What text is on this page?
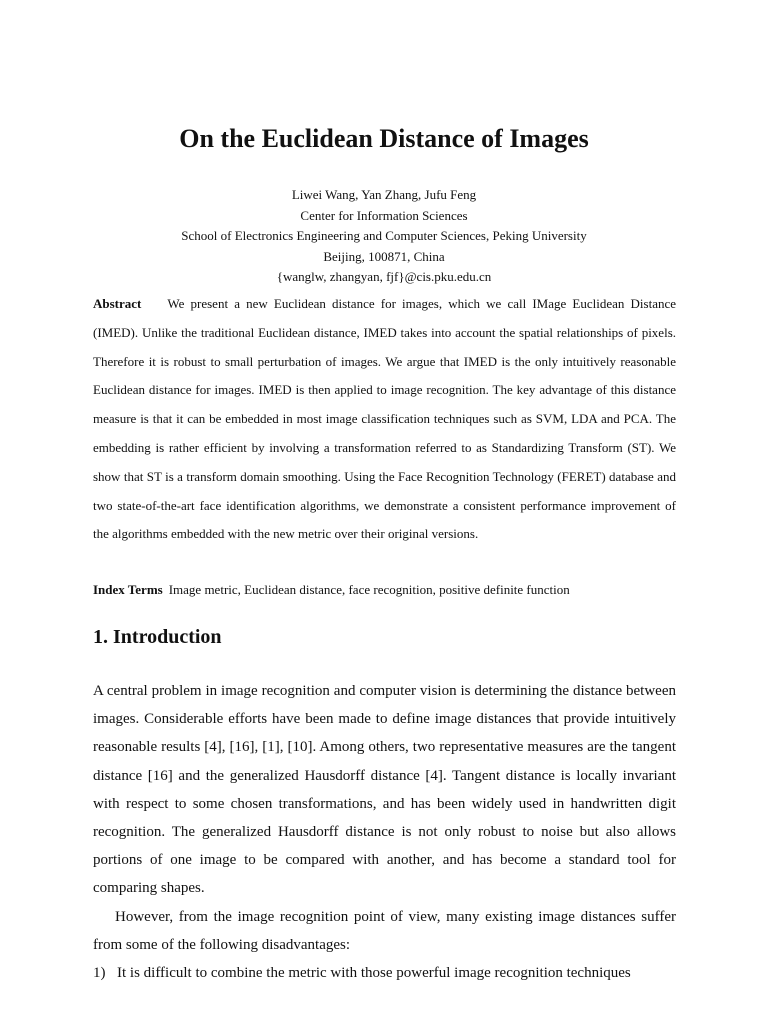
On the Euclidean Distance of Images
Liwei Wang, Yan Zhang, Jufu Feng
Center for Information Sciences
School of Electronics Engineering and Computer Sciences, Peking University
Beijing, 100871, China
{wanglw, zhangyan, fjf}@cis.pku.edu.cn
Abstract We present a new Euclidean distance for images, which we call IMage Euclidean Distance (IMED). Unlike the traditional Euclidean distance, IMED takes into account the spatial relationships of pixels. Therefore it is robust to small perturbation of images. We argue that IMED is the only intuitively reasonable Euclidean distance for images. IMED is then applied to image recognition. The key advantage of this distance measure is that it can be embedded in most image classification techniques such as SVM, LDA and PCA. The embedding is rather efficient by involving a transformation referred to as Standardizing Transform (ST). We show that ST is a transform domain smoothing. Using the Face Recognition Technology (FERET) database and two state-of-the-art face identification algorithms, we demonstrate a consistent performance improvement of the algorithms embedded with the new metric over their original versions.
Index Terms Image metric, Euclidean distance, face recognition, positive definite function
1. Introduction

A central problem in image recognition and computer vision is determining the distance between images. Considerable efforts have been made to define image distances that provide intuitively reasonable results [4], [16], [1], [10]. Among others, two representative measures are the tangent distance [16] and the generalized Hausdorff distance [4]. Tangent distance is locally invariant with respect to some chosen transformations, and has been widely used in handwritten digit recognition. The generalized Hausdorff distance is not only robust to noise but also allows portions of one image to be compared with another, and has become a standard tool for comparing shapes.

However, from the image recognition point of view, many existing image distances suffer from some of the following disadvantages:

1) It is difficult to combine the metric with those powerful image recognition techniques
